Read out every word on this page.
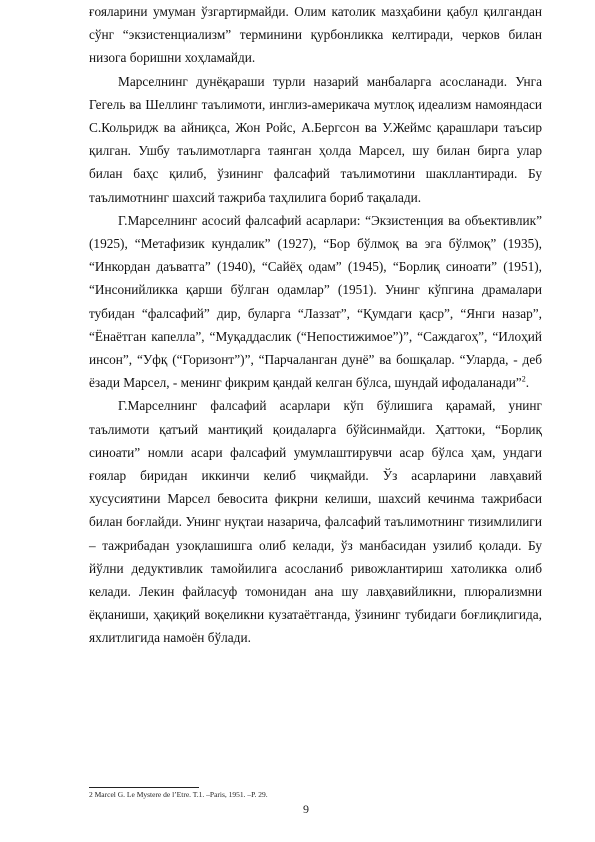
ғояларини умуман ўзгартирмайди. Олим католик мазҳабини қабул қилгандан сўнг “экзистенциализм” терминини қурбонликка келтиради, черков билан низога боришни хоҳламайди.

Марселнинг дунёқараши турли назарий манбаларга асосланади. Унга Гегель ва Шеллинг таълимоти, инглиз-америкача мутлоқ идеализм намояндаси С.Кольридж ва айниқса, Жон Ройс, А.Бергсон ва У.Жеймс қарашлари таъсир қилган. Ушбу таълимотларга таянган ҳолда Марсел, шу билан бирга улар билан баҳс қилиб, ўзининг фалсафий таълимотини шакллантиради. Бу таълимотнинг шахсий тажриба таҳлилига бориб тақалади.

Г.Марселнинг асосий фалсафий асарлари: “Экзистенция ва объективлик” (1925), “Метафизик кундалик” (1927), “Бор бўлмоқ ва эга бўлмоқ” (1935), “Инкордан даъватга” (1940), “Сайёҳ одам” (1945), “Борлиқ синоати” (1951), “Инсонийликка қарши бўлган одамлар” (1951). Унинг кўпгина драмалари тубидан “фалсафий” дир, буларга “Лаззат”, “Қумдаги қаср”, “Янги назар”, “Ёнаётган капелла”, “Муқаддаслик (“Непостижимое”)”, “Саждагоҳ”, “Илоҳий инсон”, “Уфқ (“Горизонт”)”, “Парчаланган дунё” ва бошқалар. “Уларда, - деб ёзади Марсел, - менинг фикрим қандай келган бўлса, шундай ифодаланади”$^2$.

Г.Марселнинг фалсафий асарлари кўп бўлишига қарамай, унинг таълимоти қатъий мантиқий қоидаларга бўйсинмайди. Ҳаттоки, “Борлиқ синоати” номли асари фалсафий умумлаштирувчи асар бўлса ҳам, ундаги ғоялар биридан иккинчи келиб чиқмайди. Ўз асарларини лавҳавий хусусиятини Марсел бевосита фикрни келиши, шахсий кечинма тажрибаси билан боғлайди. Унинг нуқтаи назарича, фалсафий таълимотнинг тизимлилиги – тажрибадан узоқлашишга олиб келади, ўз манбасидан узилиб қолади. Бу йўлни дедуктивлик тамойилига асосланиб ривожлантириш хатоликка олиб келади. Лекин файласуф томонидан ана шу лавҳавийликни, плюрализмни ёқланиши, ҳақиқий воқеликни кузатаётганда, ўзининг тубидаги боғлиқлигида, яхлитлигида намоён бўлади.

2 Marcel G. Le Mystere de l’Etre. T.1. –Paris, 1951. –P. 29.
9
